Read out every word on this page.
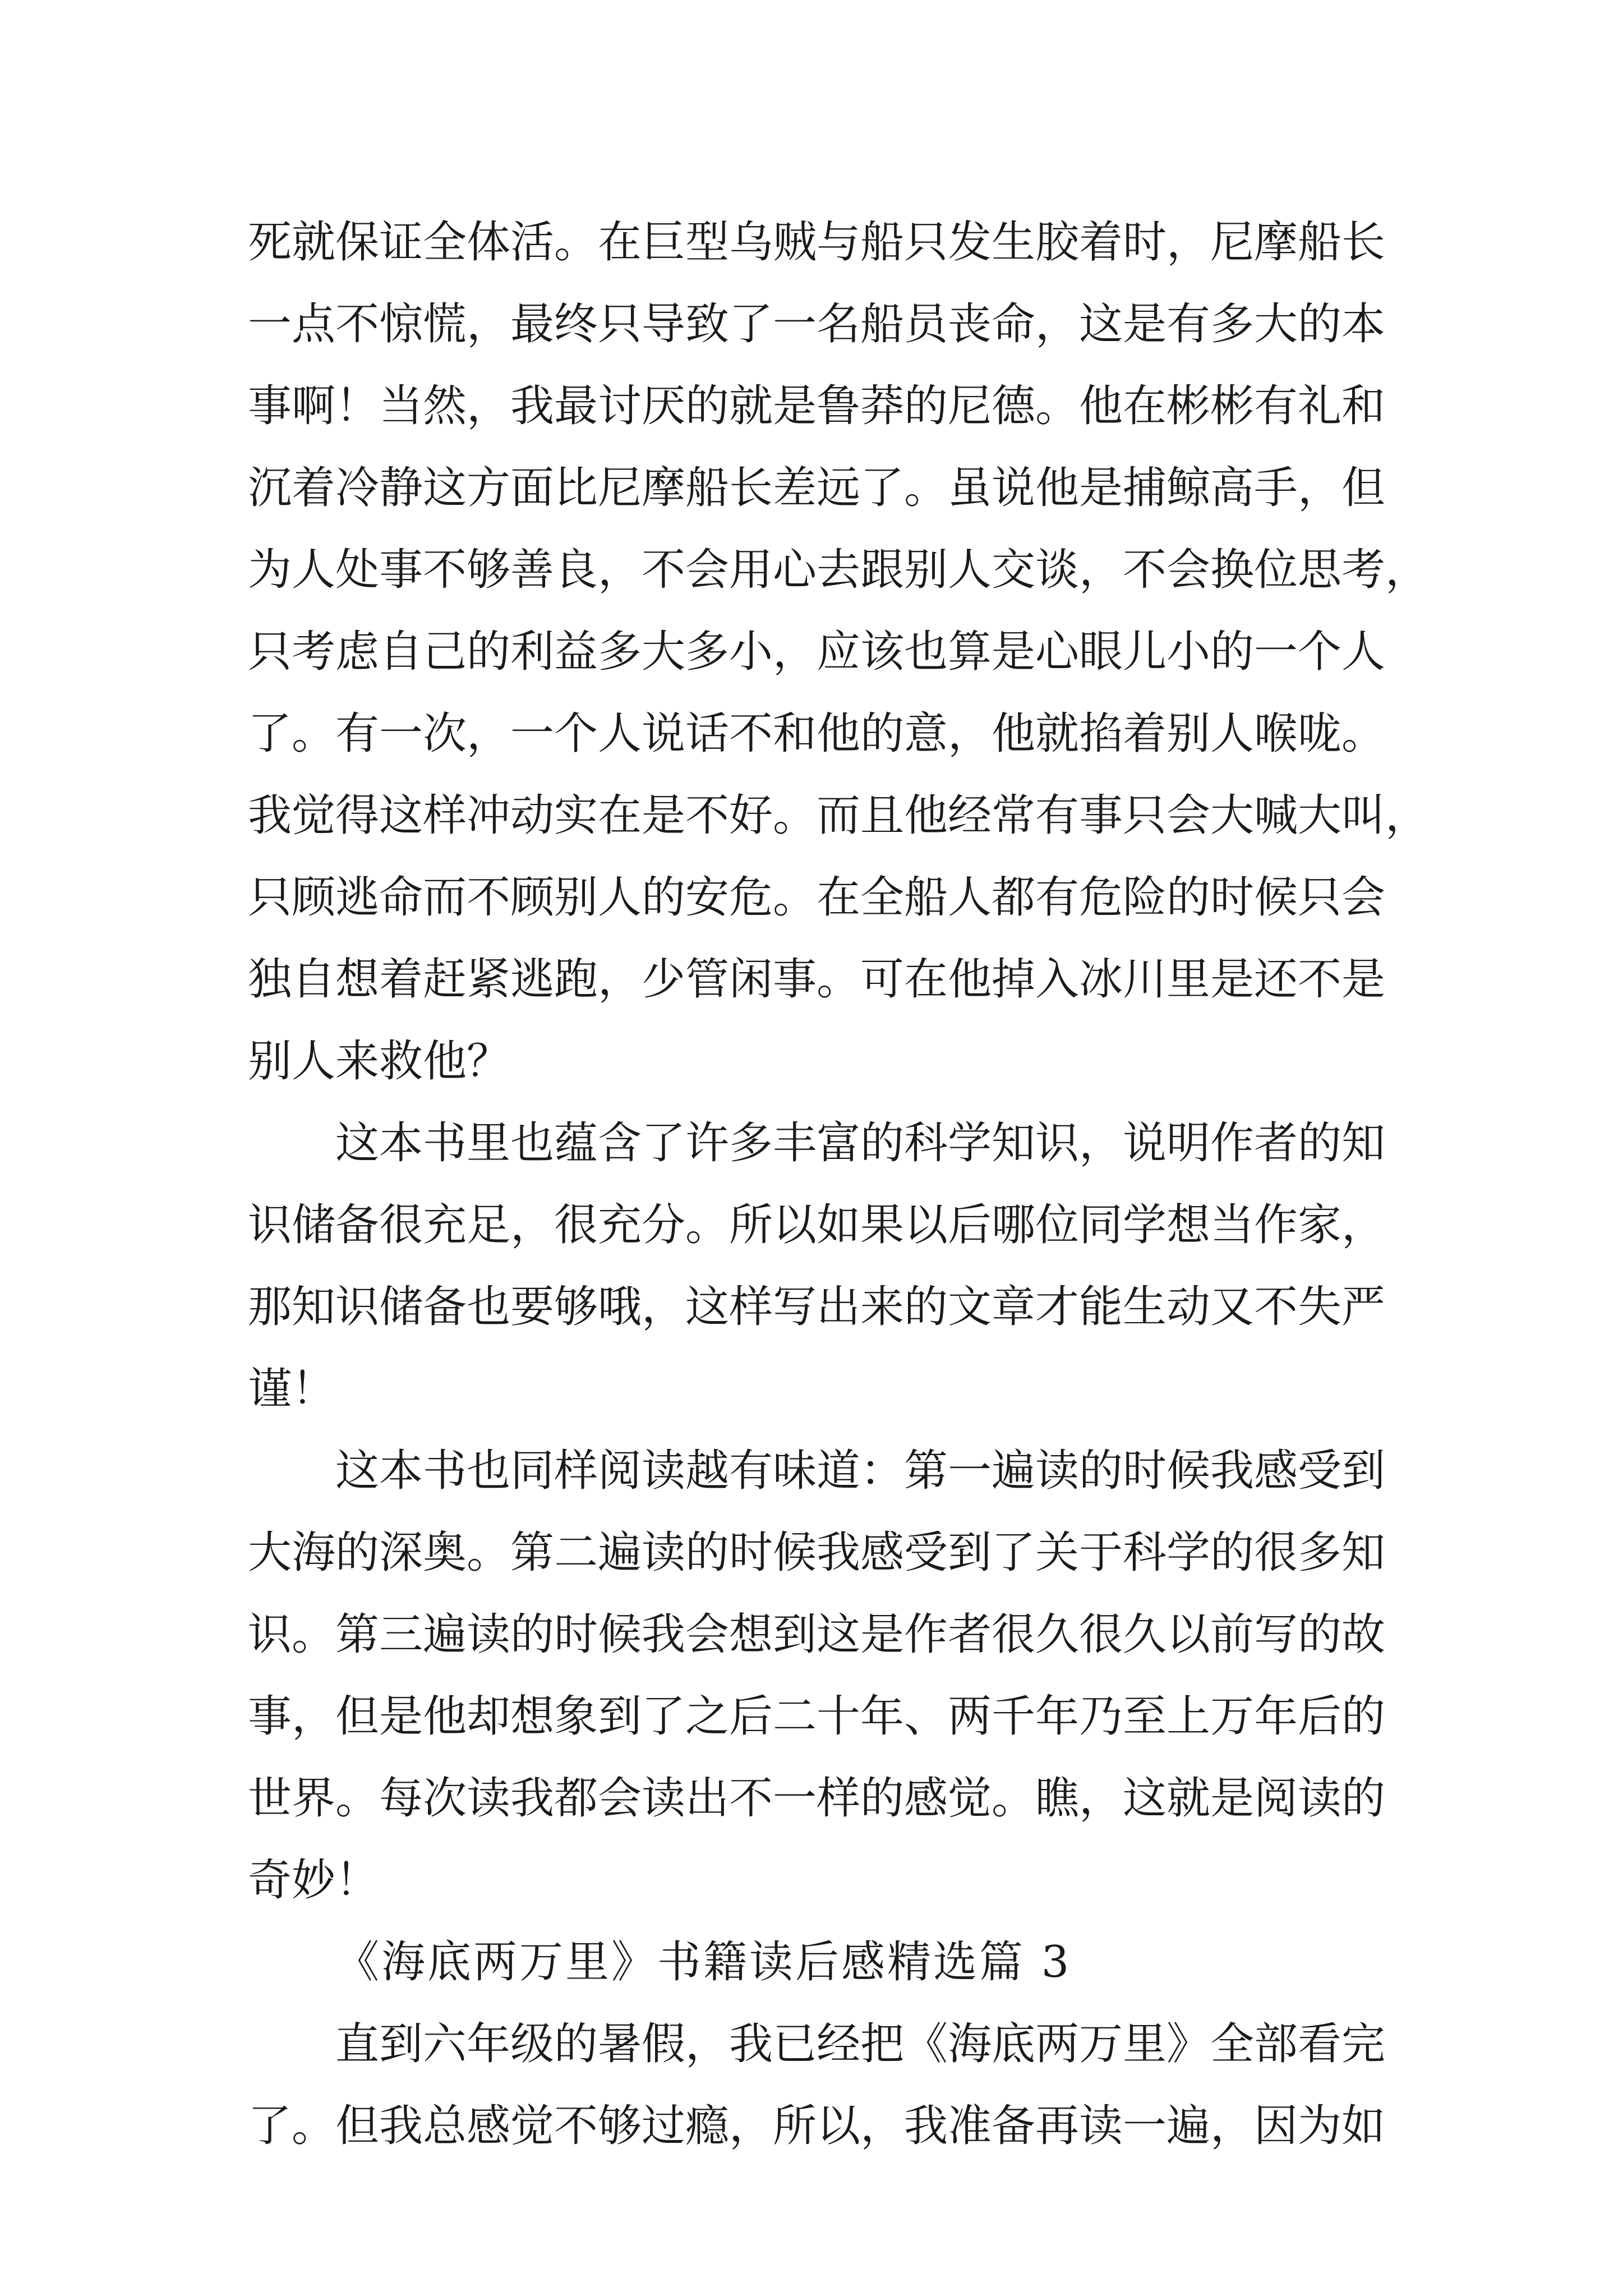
死就保证全体活。在巨型乌贼与船只发生胶着时，尼摩船长
一点不惊慌，最终只导致了一名船员丧命，这是有多大的本
事啊！当然，我最讨厌的就是鲁莽的尼德。他在彬彬有礼和
沉着冷静这方面比尼摩船长差远了。虽说他是捕鲸高手，但
为人处事不够善良，不会用心去跟别人交谈，不会换位思考，
只考虑自己的利益多大多小，应该也算是心眼儿小的一个人
了。有一次，一个人说话不和他的意，他就掐着别人喉咙。
我觉得这样冲动实在是不好。而且他经常有事只会大喊大叫，
只顾逃命而不顾别人的安危。在全船人都有危险的时候只会
独自想着赶紧逃跑，少管闲事。可在他掉入冰川里是还不是
别人来救他？
这本书里也蕴含了许多丰富的科学知识，说明作者的知
识储备很充足，很充分。所以如果以后哪位同学想当作家，
那知识储备也要够哦，这样写出来的文章才能生动又不失严
谨！
这本书也同样阅读越有味道：第一遍读的时候我感受到
大海的深奥。第二遍读的时候我感受到了关于科学的很多知
识。第三遍读的时候我会想到这是作者很久很久以前写的故
事，但是他却想象到了之后二十年、两千年乃至上万年后的
世界。每次读我都会读出不一样的感觉。瞧，这就是阅读的
奇妙！
《海底两万里》书籍读后感精选篇 3
直到六年级的暑假，我已经把《海底两万里》全部看完
了。但我总感觉不够过瘾，所以，我准备再读一遍，因为如
